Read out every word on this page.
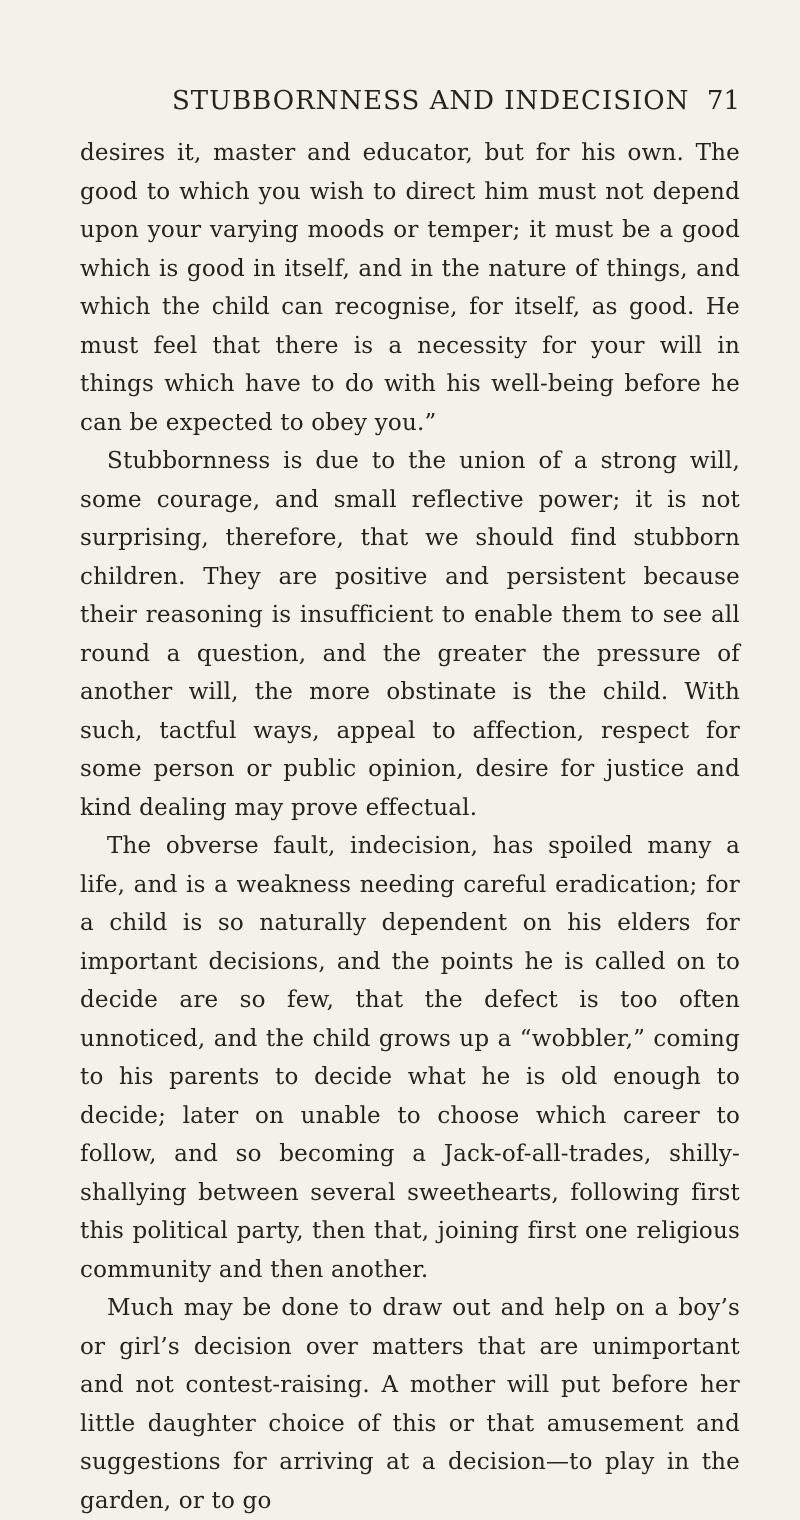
STUBBORNNESS AND INDECISION 71

desires it, master and educator, but for his own. The good to which you wish to direct him must not depend upon your varying moods or temper; it must be a good which is good in itself, and in the nature of things, and which the child can recognise, for itself, as good. He must feel that there is a necessity for your will in things which have to do with his well-being before he can be expected to obey you.”

Stubbornness is due to the union of a strong will, some courage, and small reflective power; it is not surprising, therefore, that we should find stubborn children. They are positive and persistent because their reasoning is insufficient to enable them to see all round a question, and the greater the pressure of another will, the more obstinate is the child. With such, tactful ways, appeal to affection, respect for some person or public opinion, desire for justice and kind dealing may prove effectual.

The obverse fault, indecision, has spoiled many a life, and is a weakness needing careful eradication; for a child is so naturally dependent on his elders for important decisions, and the points he is called on to decide are so few, that the defect is too often unnoticed, and the child grows up a “wobbler,” coming to his parents to decide what he is old enough to decide; later on unable to choose which career to follow, and so becoming a Jack-of-all-trades, shilly-shallying between several sweethearts, following first this political party, then that, joining first one religious community and then another.

Much may be done to draw out and help on a boy’s or girl’s decision over matters that are unimportant and not contest-raising. A mother will put before her little daughter choice of this or that amusement and suggestions for arriving at a decision—to play in the garden, or to go
